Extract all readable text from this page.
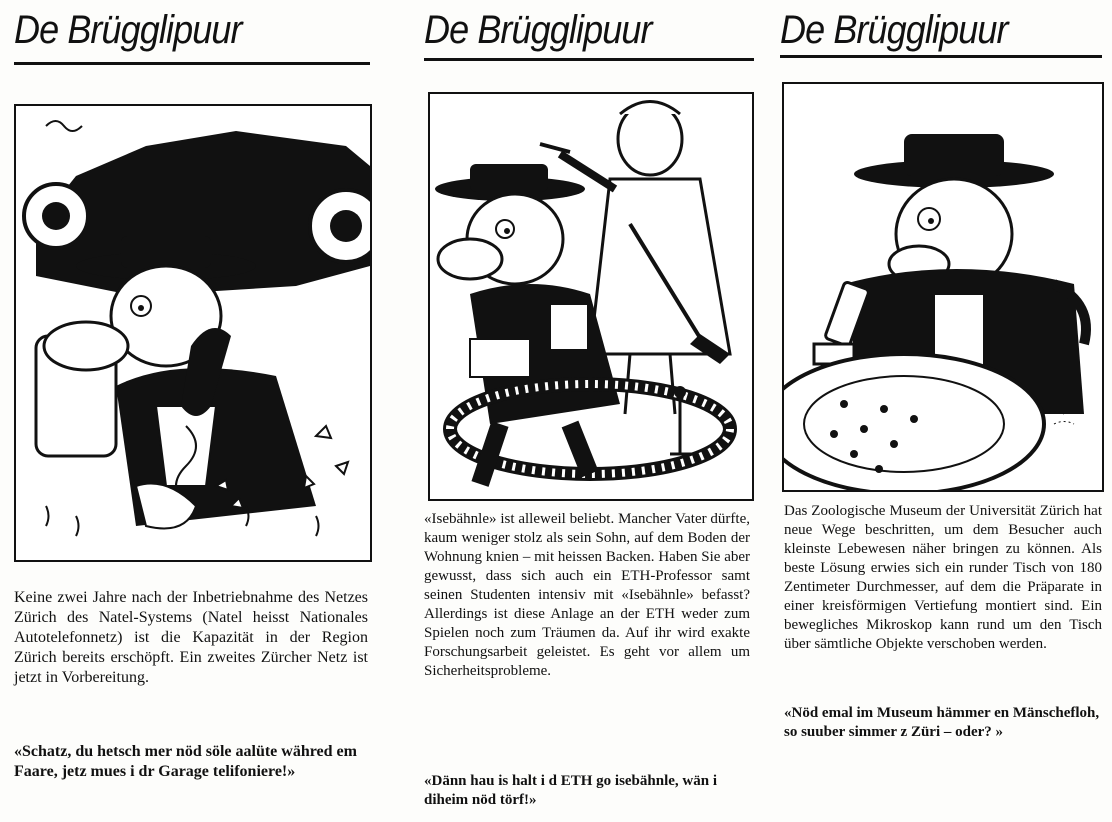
De Brügglipuur
Keine zwei Jahre nach der Inbetriebnahme des Netzes Zürich des Natel-Systems (Natel heisst Nationales Autotelefonnetz) ist die Kapazität in der Region Zürich bereits erschöpft. Ein zweites Zürcher Netz ist jetzt in Vorbereitung.
«Schatz, du hetsch mer nöd söle aalüte währed em Faare, jetz mues i dr Garage telifoniere!»
De Brügglipuur
«Isebähnle» ist alleweil beliebt. Mancher Vater dürfte, kaum weniger stolz als sein Sohn, auf dem Boden der Wohnung knien – mit heissen Backen. Haben Sie aber gewusst, dass sich auch ein ETH-Professor samt seinen Studenten intensiv mit «Isebähnle» befasst? Allerdings ist diese Anlage an der ETH weder zum Spielen noch zum Träumen da. Auf ihr wird exakte Forschungsarbeit geleistet. Es geht vor allem um Sicherheitsprobleme.
«Dänn hau is halt i d ETH go isebähnle, wän i diheim nöd törf!»
De Brügglipuur
Das Zoologische Museum der Universität Zürich hat neue Wege beschritten, um dem Besucher auch kleinste Lebewesen näher bringen zu können. Als beste Lösung erwies sich ein runder Tisch von 180 Zentimeter Durchmesser, auf dem die Präparate in einer kreisförmigen Vertiefung montiert sind. Ein bewegliches Mikroskop kann rund um den Tisch über sämtliche Objekte verschoben werden.
«Nöd emal im Museum hämmer en Mänschefloh, so suuber simmer z Züri – oder? »
